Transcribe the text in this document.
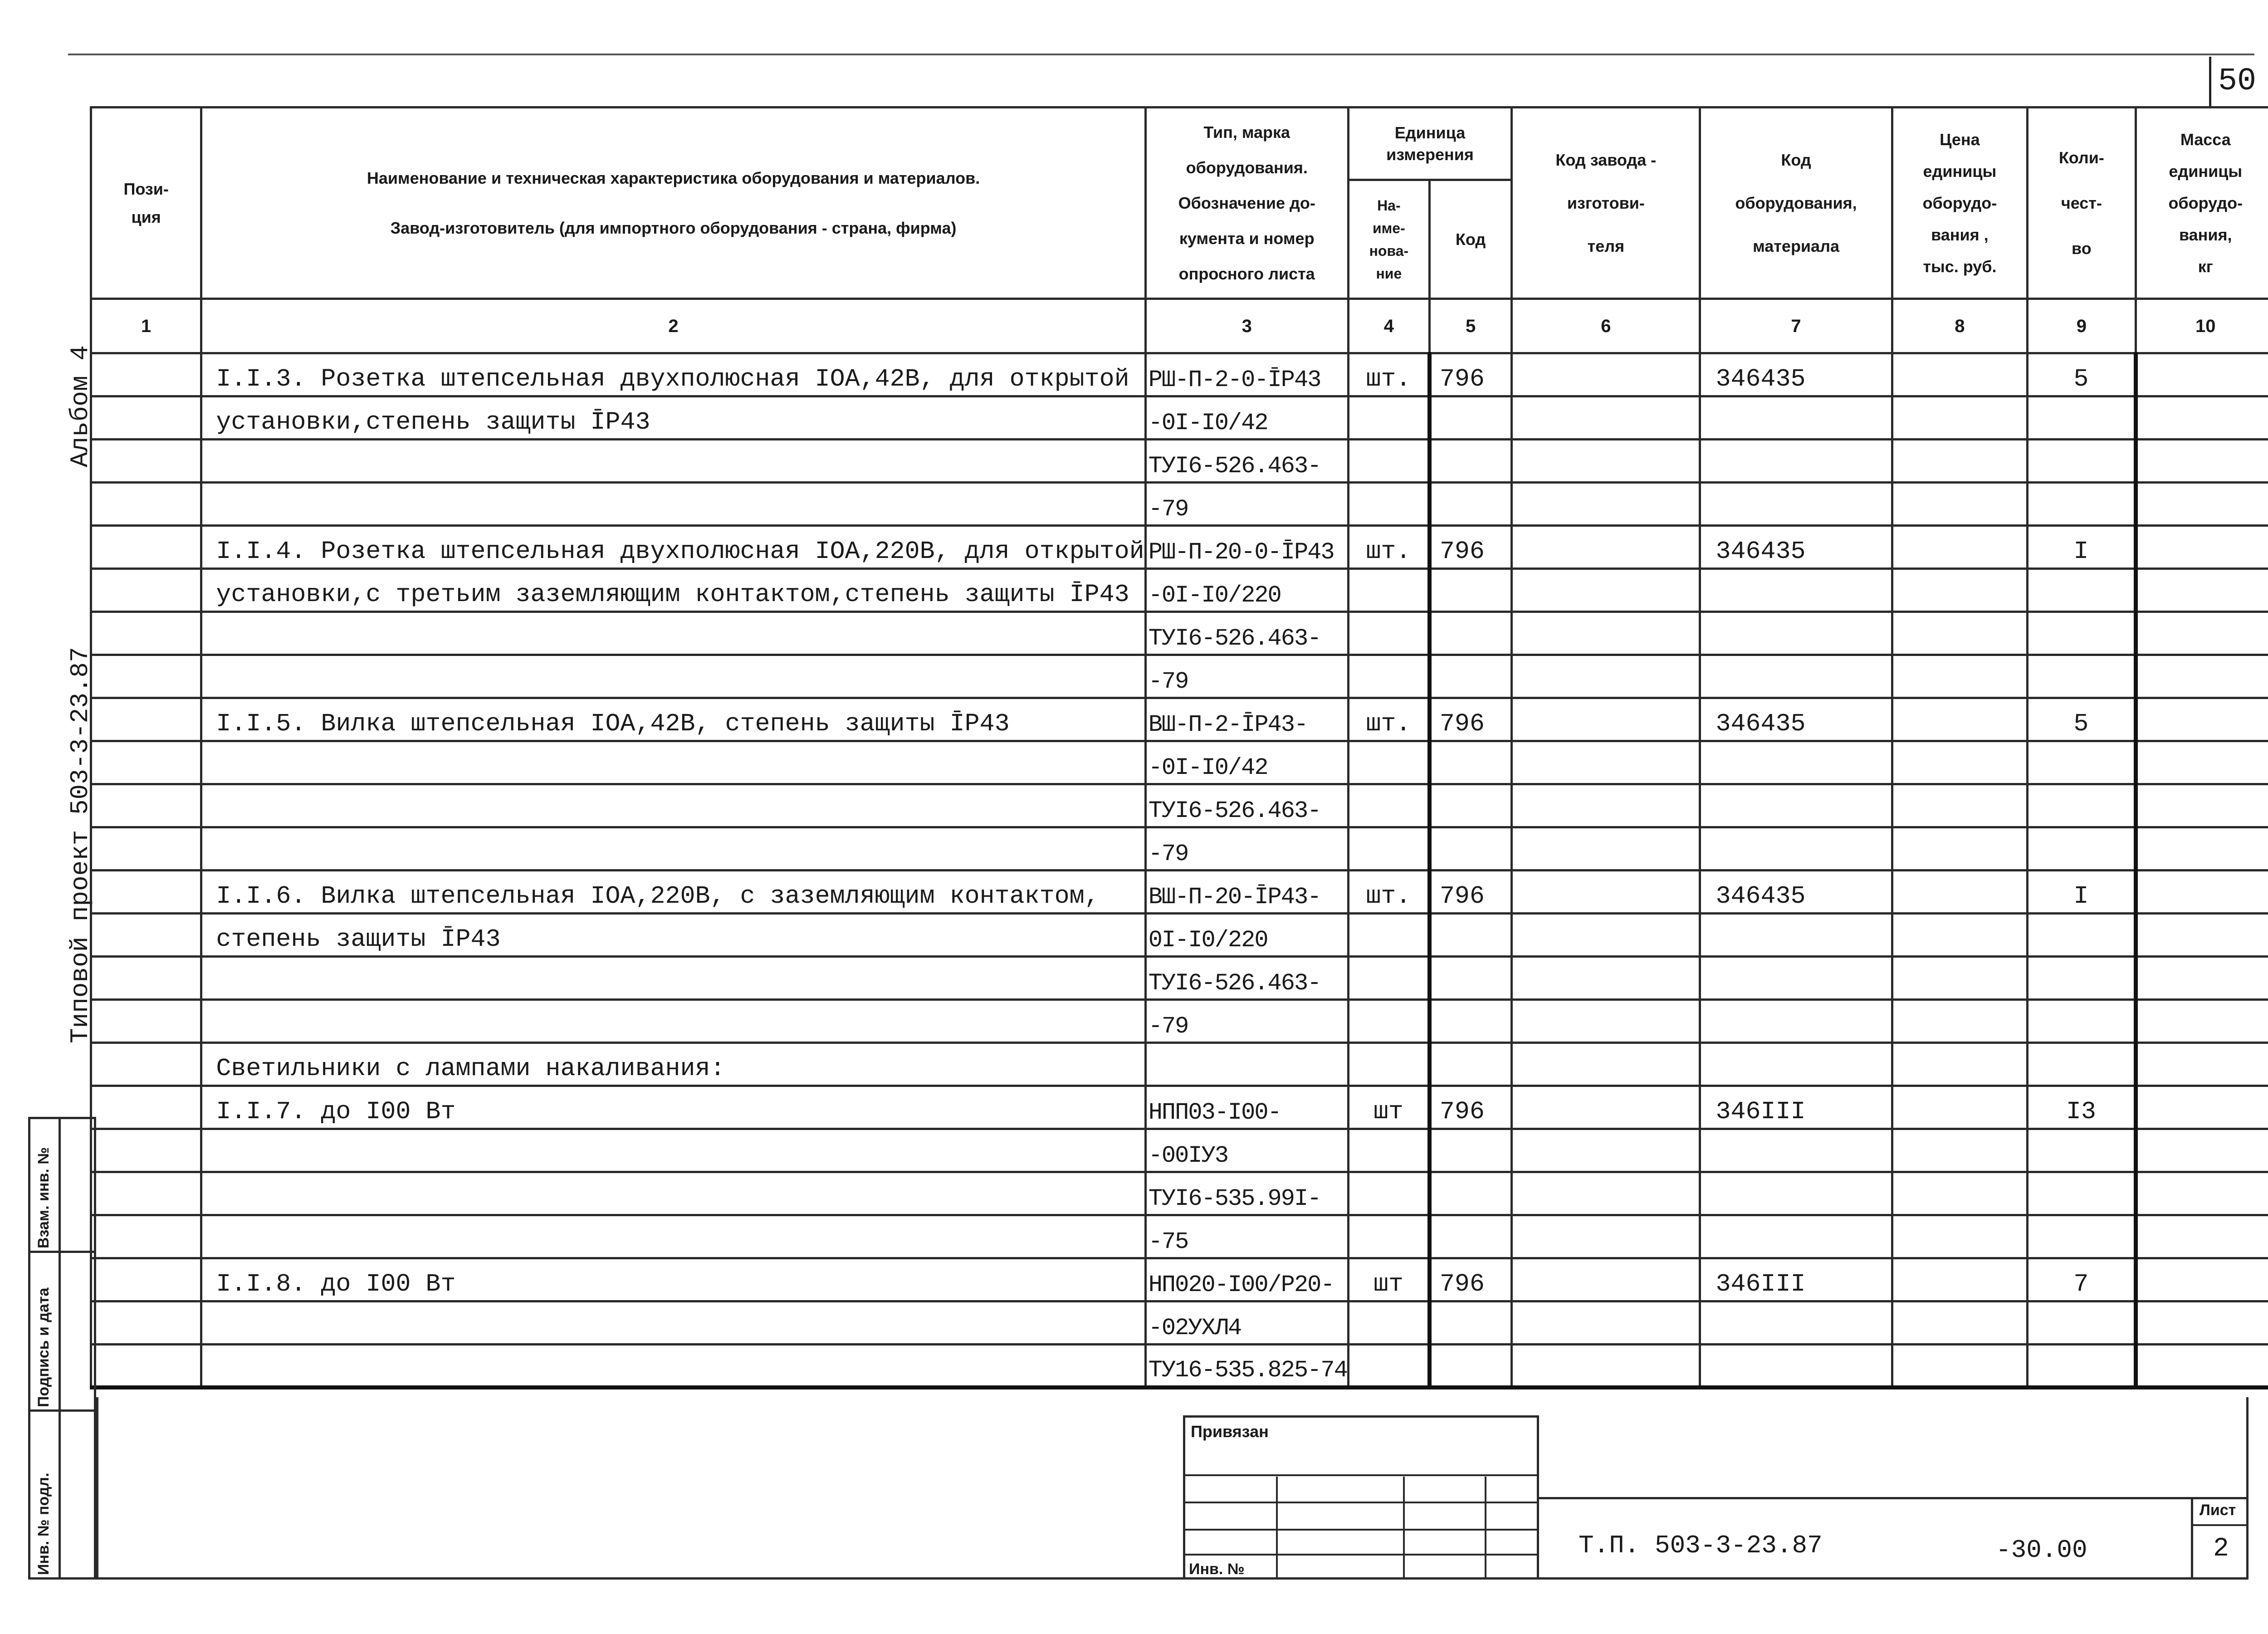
50
Альбом 4
Типовой проект 503-3-23.87
Пози-
ция	Наименование и техническая характеристика оборудования и материалов.
Завод-изготовитель (для импортного оборудования - страна, фирма)	Тип, марка
оборудования.
Обозначение до-
кумента и номер
опросного листа	Единица
измерения		Код завода -
изготови-
теля	Код
оборудования,
материала	Цена
единицы
оборудо-
вания ,
тыс. руб.	Коли-
чест-
во	Масса
единицы
оборудо-
вания,
кг

			На-
име-
нова-
ние	Код					

1	2	3	4	5	6	7	8	9	10
	I.I.3. Розетка штепсельная двухполюсная IOA,42B, для открытой	РШ-П-2-0-ĪР43	шт.	796		346435		5	
	установки,степень защиты ĪР43	-0I-I0/42							
		ТУI6-526.463-							
		-79							
	I.I.4. Розетка штепсельная двухполюсная IOA,220B, для открытой	РШ-П-20-0-ĪР43	шт.	796		346435		I	
	установки,с третьим заземляющим контактом,степень защиты ĪР43	-0I-I0/220							
		ТУI6-526.463-							
		-79							
	I.I.5. Вилка штепсельная IOA,42B, степень защиты ĪР43	ВШ-П-2-ĪР43-	шт.	796		346435		5	
		-0I-I0/42							
		ТУI6-526.463-							
		-79							
	I.I.6. Вилка штепсельная IOA,220B, с заземляющим контактом,	ВШ-П-20-ĪР43-	шт.	796		346435		I	
	степень защиты ĪР43	0I-I0/220							
		ТУI6-526.463-							
		-79							
	Светильники с лампами накаливания:								
	I.I.7. до I00 Вт	НПП03-I00-	шт	796		346III		I3	
		-00IУ3							
		ТУI6-535.99I-							
		-75							
	I.I.8. до I00 Вт	НП020-I00/Р20-	шт	796		346III		7	
		-02УХЛ4							
		ТУ16-535.825-74							
Взам. инв. №
Подпись и дата
Инв. № подл.
Привязан
Инв. №
Т.П. 503-3-23.87	-30.00
Лист
2
